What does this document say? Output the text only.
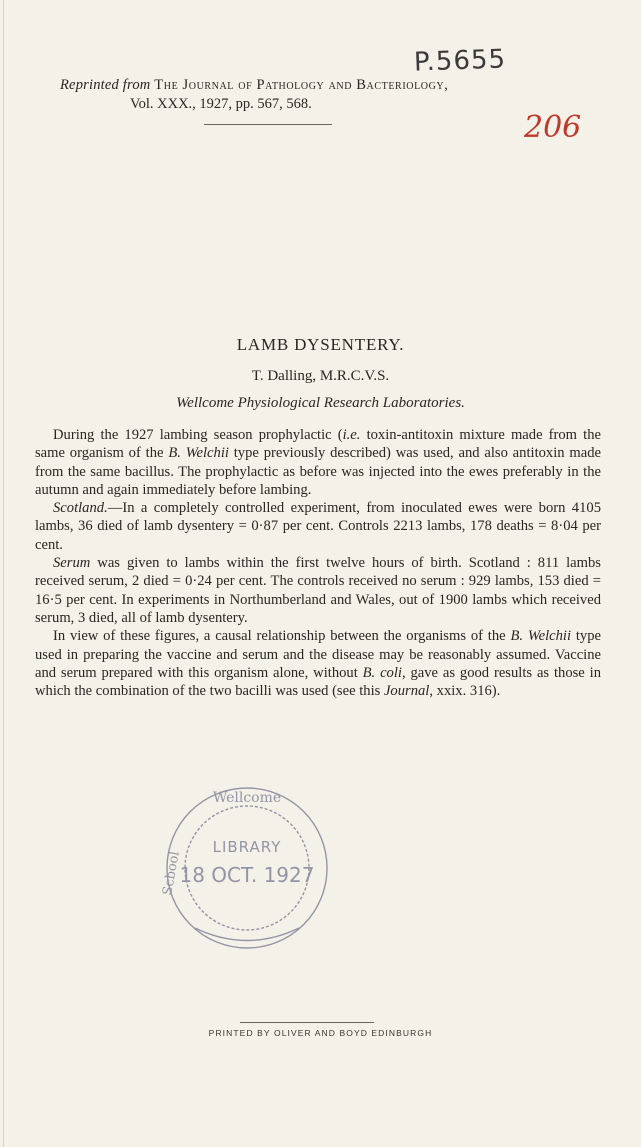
P.5655
206
Reprinted from The Journal of Pathology and Bacteriology,
Vol. XXX., 1927, pp. 567, 568.
LAMB DYSENTERY.
T. Dalling, M.R.C.V.S.
Wellcome Physiological Research Laboratories.

During the 1927 lambing season prophylactic (i.e. toxin-antitoxin mixture made from the same organism of the B. Welchii type previously described) was used, and also antitoxin made from the same bacillus. The prophylactic as before was injected into the ewes preferably in the autumn and again immediately before lambing.

Scotland.—In a completely controlled experiment, from inoculated ewes were born 4105 lambs, 36 died of lamb dysentery = 0·87 per cent. Controls 2213 lambs, 178 deaths = 8·04 per cent.

Serum was given to lambs within the first twelve hours of birth. Scotland : 811 lambs received serum, 2 died = 0·24 per cent. The controls received no serum : 929 lambs, 153 died = 16·5 per cent. In experiments in Northumberland and Wales, out of 1900 lambs which received serum, 3 died, all of lamb dysentery.

In view of these figures, a causal relationship between the organisms of the B. Welchii type used in preparing the vaccine and serum and the disease may be reasonably assumed. Vaccine and serum prepared with this organism alone, without B. coli, gave as good results as those in which the combination of the two bacilli was used (see this Journal, xxix. 316).

Wellcome
Scbool
LIBRARY
18 OCT. 1927
PRINTED BY OLIVER AND BOYD EDINBURGH
